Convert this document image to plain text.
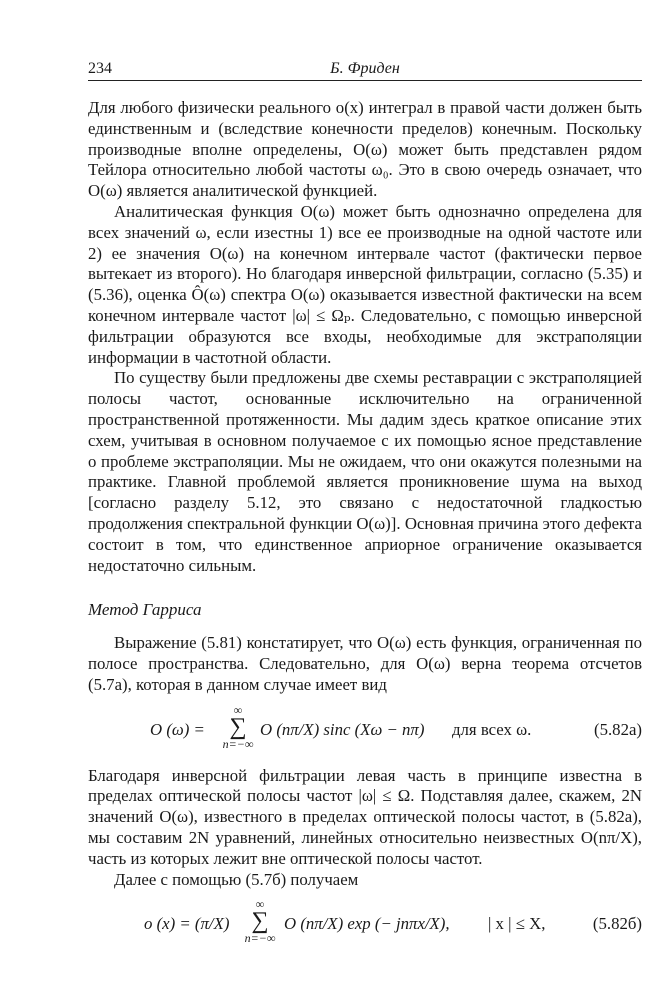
234	Б. Фриден

Для любого физически реального o(x) интеграл в правой части должен быть единственным и (вследствие конечности пределов) конечным. Поскольку производные вполне определены, O(ω) может быть представлен рядом Тейлора относительно любой частоты ω₀. Это в свою очередь означает, что O(ω) является аналитической функцией.

Аналитическая функция O(ω) может быть однозначно определена для всех значений ω, если изестны 1) все ее производные на одной частоте или 2) ее значения O(ω) на конечном интервале частот (фактически первое вытекает из второго). Но благодаря инверсной фильтрации, согласно (5.35) и (5.36), оценка Ô(ω) спектра O(ω) оказывается известной фактически на всем конечном интервале частот |ω| ≤ Ωₚ. Следовательно, с помощью инверсной фильтрации образуются все входы, необходимые для экстраполяции информации в частотной области.

По существу были предложены две схемы реставрации с экстраполяцией полосы частот, основанные исключительно на ограниченной пространственной протяженности. Мы дадим здесь краткое описание этих схем, учитывая в основном получаемое с их помощью ясное представление о проблеме экстраполяции. Мы не ожидаем, что они окажутся полезными на практике. Главной проблемой является проникновение шума на выход [согласно разделу 5.12, это связано с недостаточной гладкостью продолжения спектральной функции O(ω)]. Основная причина этого дефекта состоит в том, что единственное априорное ограничение оказывается недостаточно сильным.

Метод Гарриса

Выражение (5.81) констатирует, что O(ω) есть функция, ограниченная по полосе пространства. Следовательно, для O(ω) верна теорема отсчетов (5.7а), которая в данном случае имеет вид

O (ω) =
∞
∑
n=−∞
O (nπ/X) sinc (Xω − nπ) для всех ω.	(5.82а)

Благодаря инверсной фильтрации левая часть в принципе известна в пределах оптической полосы частот |ω| ≤ Ω. Подставляя далее, скажем, 2N значений O(ω), известного в пределах оптической полосы частот, в (5.82а), мы составим 2N уравнений, линейных относительно неизвестных O(nπ/X), часть из которых лежит вне оптической полосы частот.

Далее с помощью (5.7б) получаем

o (x) = (π/X)
∞
∑
n=−∞
O (nπ/X) exp (− jnπx/X), | x | ≤ X,	(5.82б)
